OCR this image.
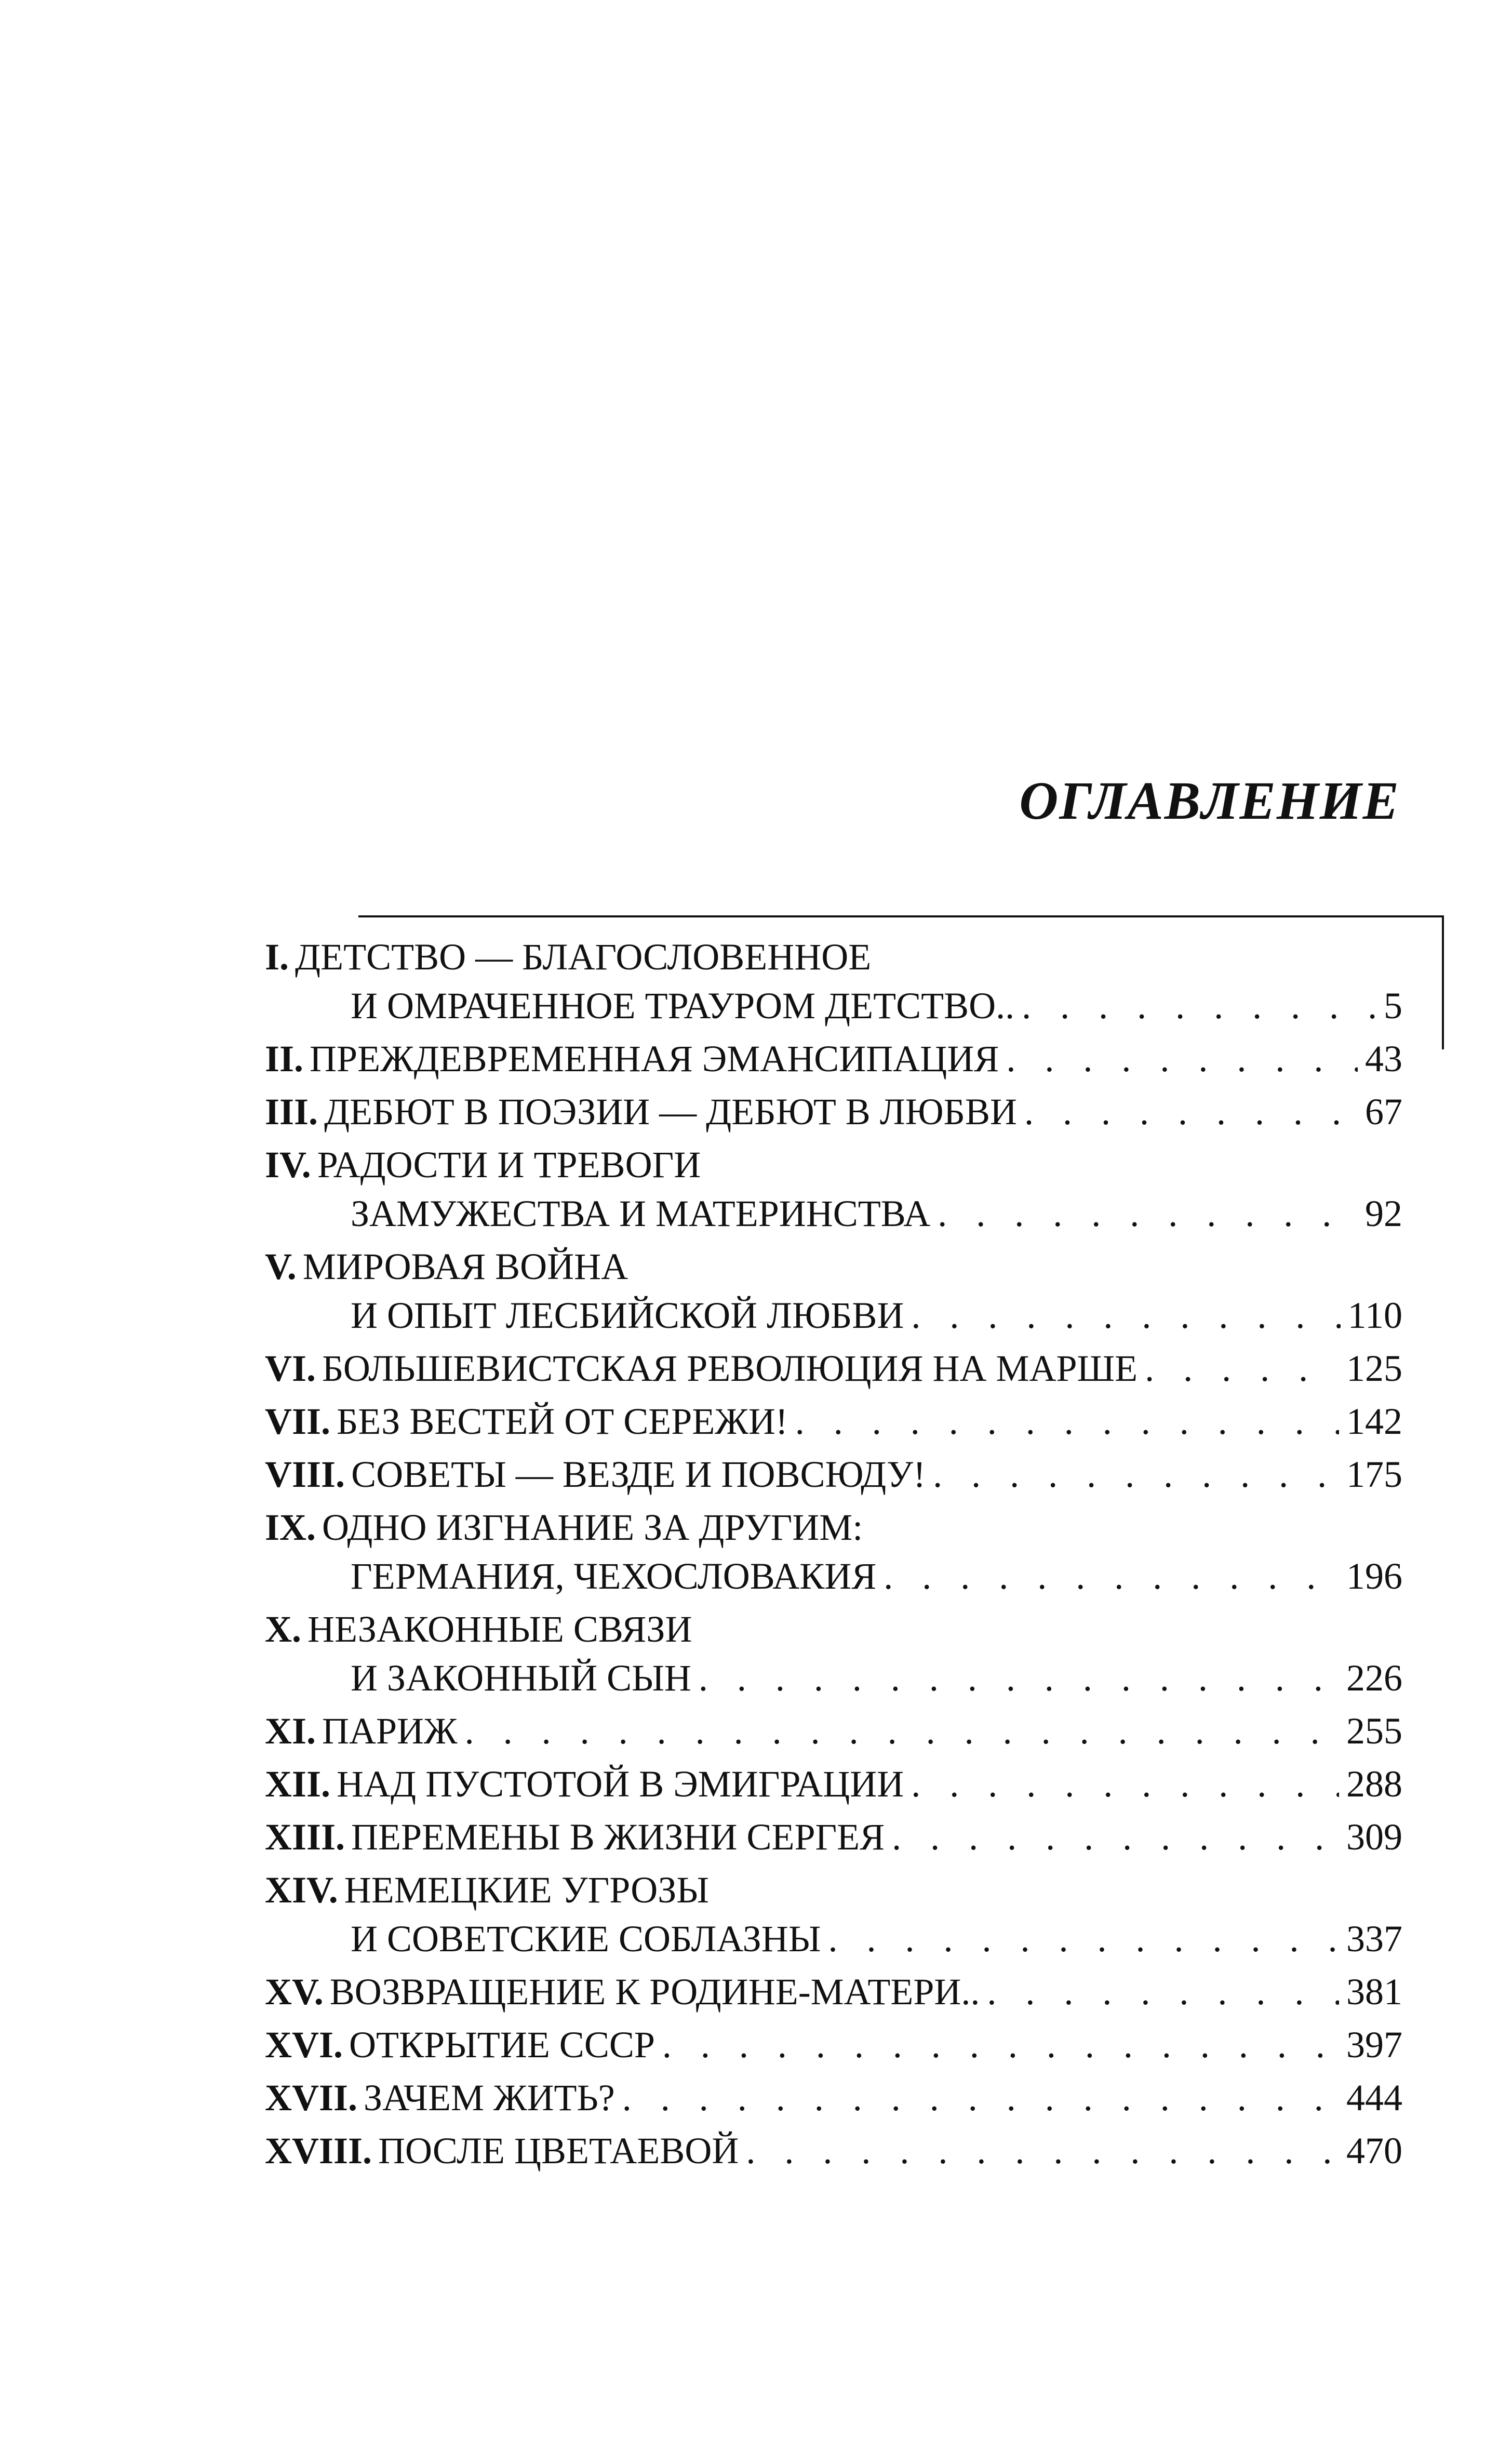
ОГЛАВЛЕНИЕ
I. ДЕТСТВО — БЛАГОСЛОВЕННОЕ
И ОМРАЧЕННОЕ ТРАУРОМ ДЕТСТВО.. . . .	5
II. ПРЕЖДЕВРЕМЕННАЯ ЭМАНСИПАЦИЯ . . .	43
III. ДЕБЮТ В ПОЭЗИИ — ДЕБЮТ В ЛЮБВИ . . .	67
IV. РАДОСТИ И ТРЕВОГИ
ЗАМУЖЕСТВА И МАТЕРИНСТВА . . .	92
V. МИРОВАЯ ВОЙНА
И ОПЫТ ЛЕСБИЙСКОЙ ЛЮБВИ . . .	110
VI. БОЛЬШЕВИСТСКАЯ РЕВОЛЮЦИЯ НА МАРШЕ . . .	125
VII. БЕЗ ВЕСТЕЙ ОТ СЕРЕЖИ! . . .	142
VIII. СОВЕТЫ — ВЕЗДЕ И ПОВСЮДУ! . . .	175
IX. ОДНО ИЗГНАНИЕ ЗА ДРУГИМ:
ГЕРМАНИЯ, ЧЕХОСЛОВАКИЯ . . .	196
X. НЕЗАКОННЫЕ СВЯЗИ
И ЗАКОННЫЙ СЫН . . .	226
XI. ПАРИЖ . . .	255
XII. НАД ПУСТОТОЙ В ЭМИГРАЦИИ . . .	288
XIII. ПЕРЕМЕНЫ В ЖИЗНИ СЕРГЕЯ . . .	309
XIV. НЕМЕЦКИЕ УГРОЗЫ
И СОВЕТСКИЕ СОБЛАЗНЫ . . .	337
XV. ВОЗВРАЩЕНИЕ К РОДИНЕ-МАТЕРИ.. . . .	381
XVI. ОТКРЫТИЕ СССР . . .	397
XVII. ЗАЧЕМ ЖИТЬ? . . .	444
XVIII. ПОСЛЕ ЦВЕТАЕВОЙ . . .	470
